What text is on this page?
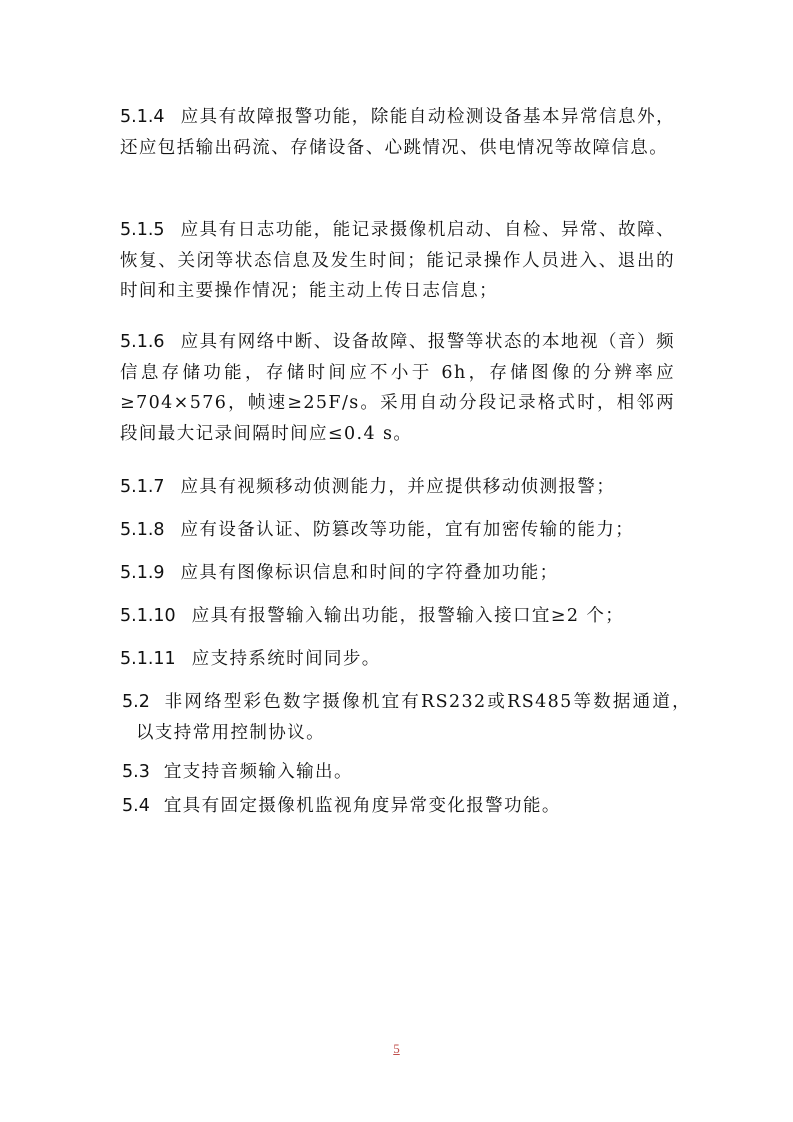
5.1.4 应具有故障报警功能，除能自动检测设备基本异常信息外，还应包括输出码流、存储设备、心跳情况、供电情况等故障信息。

5.1.5 应具有日志功能，能记录摄像机启动、自检、异常、故障、恢复、关闭等状态信息及发生时间；能记录操作人员进入、退出的时间和主要操作情况；能主动上传日志信息；

5.1.6 应具有网络中断、设备故障、报警等状态的本地视（音）频信息存储功能，存储时间应不小于 6h，存储图像的分辨率应≥704×576，帧速≥25F/s。采用自动分段记录格式时，相邻两段间最大记录间隔时间应≤0.4 s。

5.1.7 应具有视频移动侦测能力，并应提供移动侦测报警；

5.1.8 应有设备认证、防篡改等功能，宜有加密传输的能力；

5.1.9 应具有图像标识信息和时间的字符叠加功能；

5.1.10 应具有报警输入输出功能，报警输入接口宜≥2 个；

5.1.11 应支持系统时间同步。

5.2 非网络型彩色数字摄像机宜有RS232或RS485等数据通道，以支持常用控制协议。

5.3 宜支持音频输入输出。

5.4 宜具有固定摄像机监视角度异常变化报警功能。

5
